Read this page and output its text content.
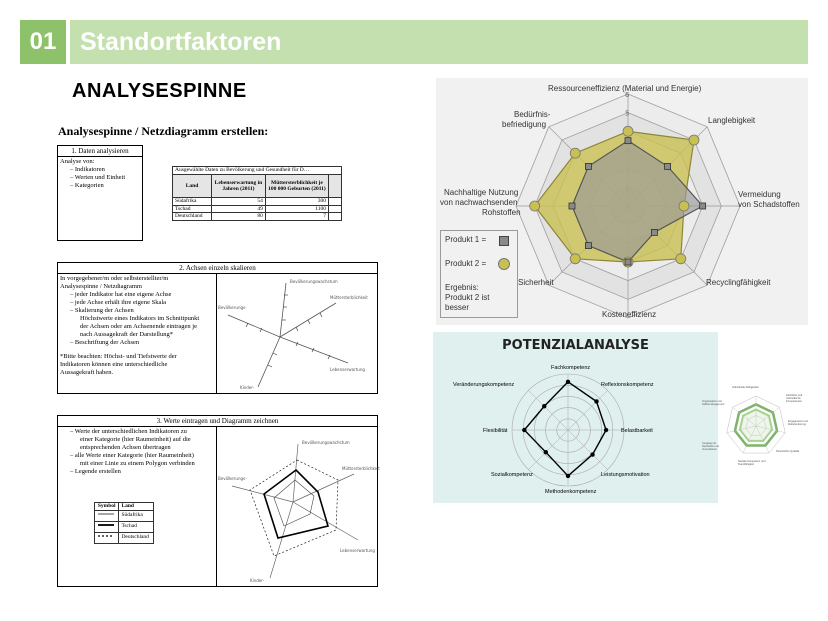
01 Standortfaktoren
ANALYSESPINNE
Analysespinne / Netzdiagramm erstellen:
1. Daten analysieren
Analyse von:
– Indikatoren
– Werten und Einheit
– Kategorien
Ausgewählte Daten zu Bevölkerung und Gesundheit für D…
Land	Lebenserwartung in Jahren (2011)	Müttersterblichkeit je 100 000 Geburten (2011)	
Südafrika	54	300	
Tschad	49	1100	
Deutschland	80	7	
2. Achsen einzeln skalieren
In vorgegebener/m oder selbsterstellter/m
Analysespinne / Netzdiagramm
– jeder Indikator hat eine eigene Achse
– jede Achse erhält ihre eigene Skala
– Skalierung der Achsen
Höchstwerte eines Indikators im Schnittpunkt
der Achsen oder am Achsenende eintragen je
nach Aussagekraft der Darstellung*
– Beschriftung der Achsen
*Bitte beachten: Höchst- und Tiefstwerte der
Indikatoren können eine unterschiedliche
Aussagekraft haben.
Bevölkerungswachstum
Müttersterblichkeit
Lebenserwartung
Kinder-
Bevölkerungs-
3. Werte eintragen und Diagramm zeichnen
– Werte der unterschiedlichen Indikatoren zu
einer Kategorie (hier Raumeinheit) auf die
entsprechenden Achsen übertragen
– alle Werte einer Kategorie (hier Raumeinheit)
mit einer Linie zu einem Polygon verbinden
– Legende erstellen
Symbol	Land
	Südafrika
	Tschad
	Deutschland
Bevölkerungswachstum
Müttersterblichkeit
Lebenserwartung
Kinder-
Bevölkerungs-
5
6
Ressourceneffizienz (Material und Energie)
Langlebigkeit
Vermeidung
von Schadstoffen
Recyclingfähigkeit
Kosteneffizienz
Sicherheit
Nachhaltige Nutzung
von nachwachsenden
Rohstoffen
Bedürfnis-
befriedigung
Produkt 1 =
Produkt 2 =
Ergebnis:
Produkt 2 ist
besser
POTENZIALANALYSE
Fachkompetenz
Reflexionskompetenz
Belastbarkeit
Leistungsmotivation
Methodenkompetenz
Sozialkompetenz
Flexibilität
Veränderungskompetenz	Individuelle Fähigkeiten
Fachliche und methodische Kompetenzen
Engagement und Zielorientierung
Persönliche Qualität
Soziale Kompetenz und Teamfähigkeit
Umgang mit Neuheiten und Innovationen
Organisation und Selbstmanagement
